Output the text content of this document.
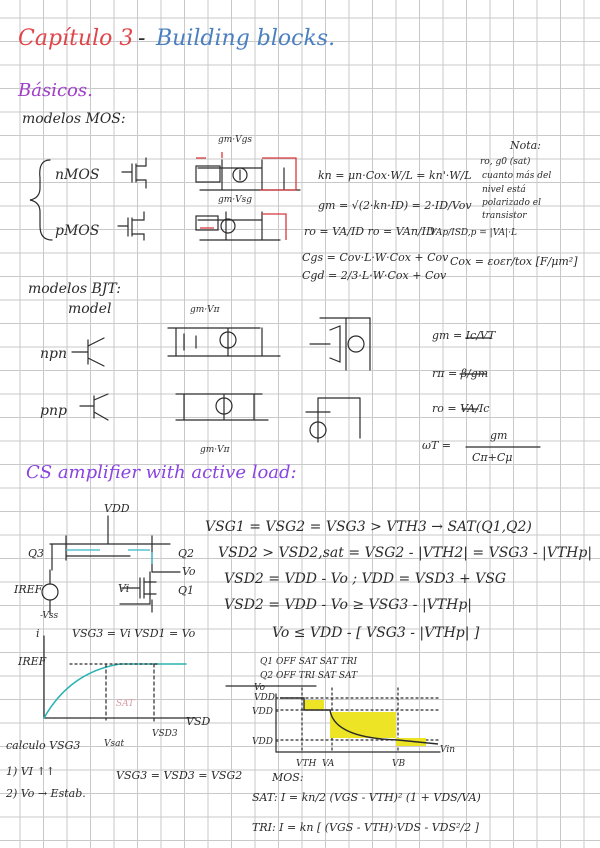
Capítulo 3 - Building blocks.
Básicos.
modelos MOS:
nMOS
pMOS
gm·Vgs
gm·Vsg
Nota:
ro, g0 (sat)
cuanto más del
nivel está
polarizado el
transistor
kn = μn·Cox·W/L = kn'·W/L
gm = √(2·kn·ID) = 2·ID/Vov
ro = VA/ID ro = VAn/ID
VAp/ISD,p = |VA|·L
Cgs = Cov·L·W·Cox + Cov Cox = εoεr/tox [F/μm²]
Cgd = 2/3·L·W·Cox + Cov
modelos BJT:
model
npn
pnp
gm·Vπ
gm·Vπ
gm = Ic/VT
rπ = β/gm
ro = VA/Ic
ωT =
gm
Cπ+Cμ
CS amplifier with active load:
VDD
Q3	Q2
Q1
IREF
-Vss
Vi
Vo
VSG1 = VSG2 = VSG3 > VTH3 → SAT(Q1,Q2)
VSD2 > VSD2,sat = VSG2 - |VTH2| = VSG3 - |VTHp|
VSD2 = VDD - Vo ; VDD = VSD3 + VSG
VSD2 = VDD - Vo ≥ VSG3 - |VTHp|
Vo ≤ VDD - [ VSG3 - |VTHp| ]
i	VSG3 = Vi VSD1 = Vo
IREF
VSD
Vsat
VSD3
SAT
calculo VSG3
1) VI ↑↑
2) Vo → Estab.
VSG3 = VSD3 = VSG2
Q1 OFF SAT SAT TRI
Q2 OFF TRI SAT SAT
VDD
Vo
VDD -
VDD -
VTH VA	VB
Vin
MOS:
SAT: I = kn/2 (VGS - VTH)² (1 + VDS/VA)
TRI: I = kn [ (VGS - VTH)·VDS - VDS²/2 ]
